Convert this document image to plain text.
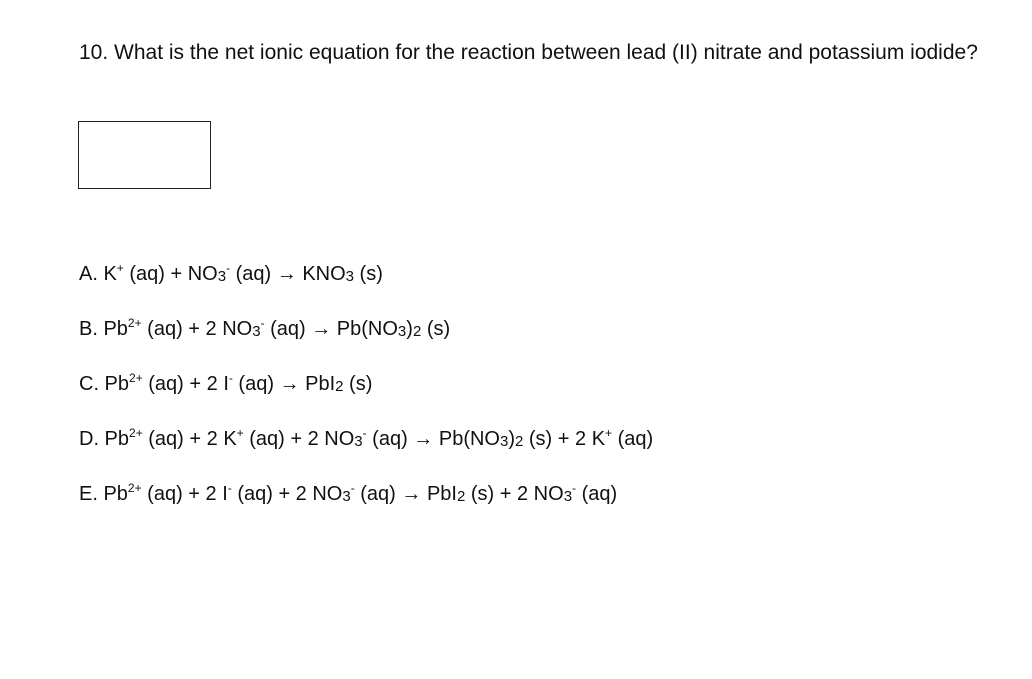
10. What is the net ionic equation for the reaction between lead (II) nitrate and potassium iodide?
A. K+ (aq) + NO3- (aq) → KNO3 (s)
B. $Pb^{2+}$ (aq) + 2 NO3- (aq) → Pb(NO3)2 (s)
C. $Pb^{2+}$ (aq) + 2 I- (aq) → PbI2 (s)
D. $Pb^{2+}$ (aq) + 2 K+ (aq) + 2 NO3- (aq) → Pb(NO3)2 (s) + 2 K+ (aq)
E. $Pb^{2+}$ (aq) + 2 I- (aq) + 2 NO3- (aq) → PbI2 (s) + 2 NO3- (aq)
